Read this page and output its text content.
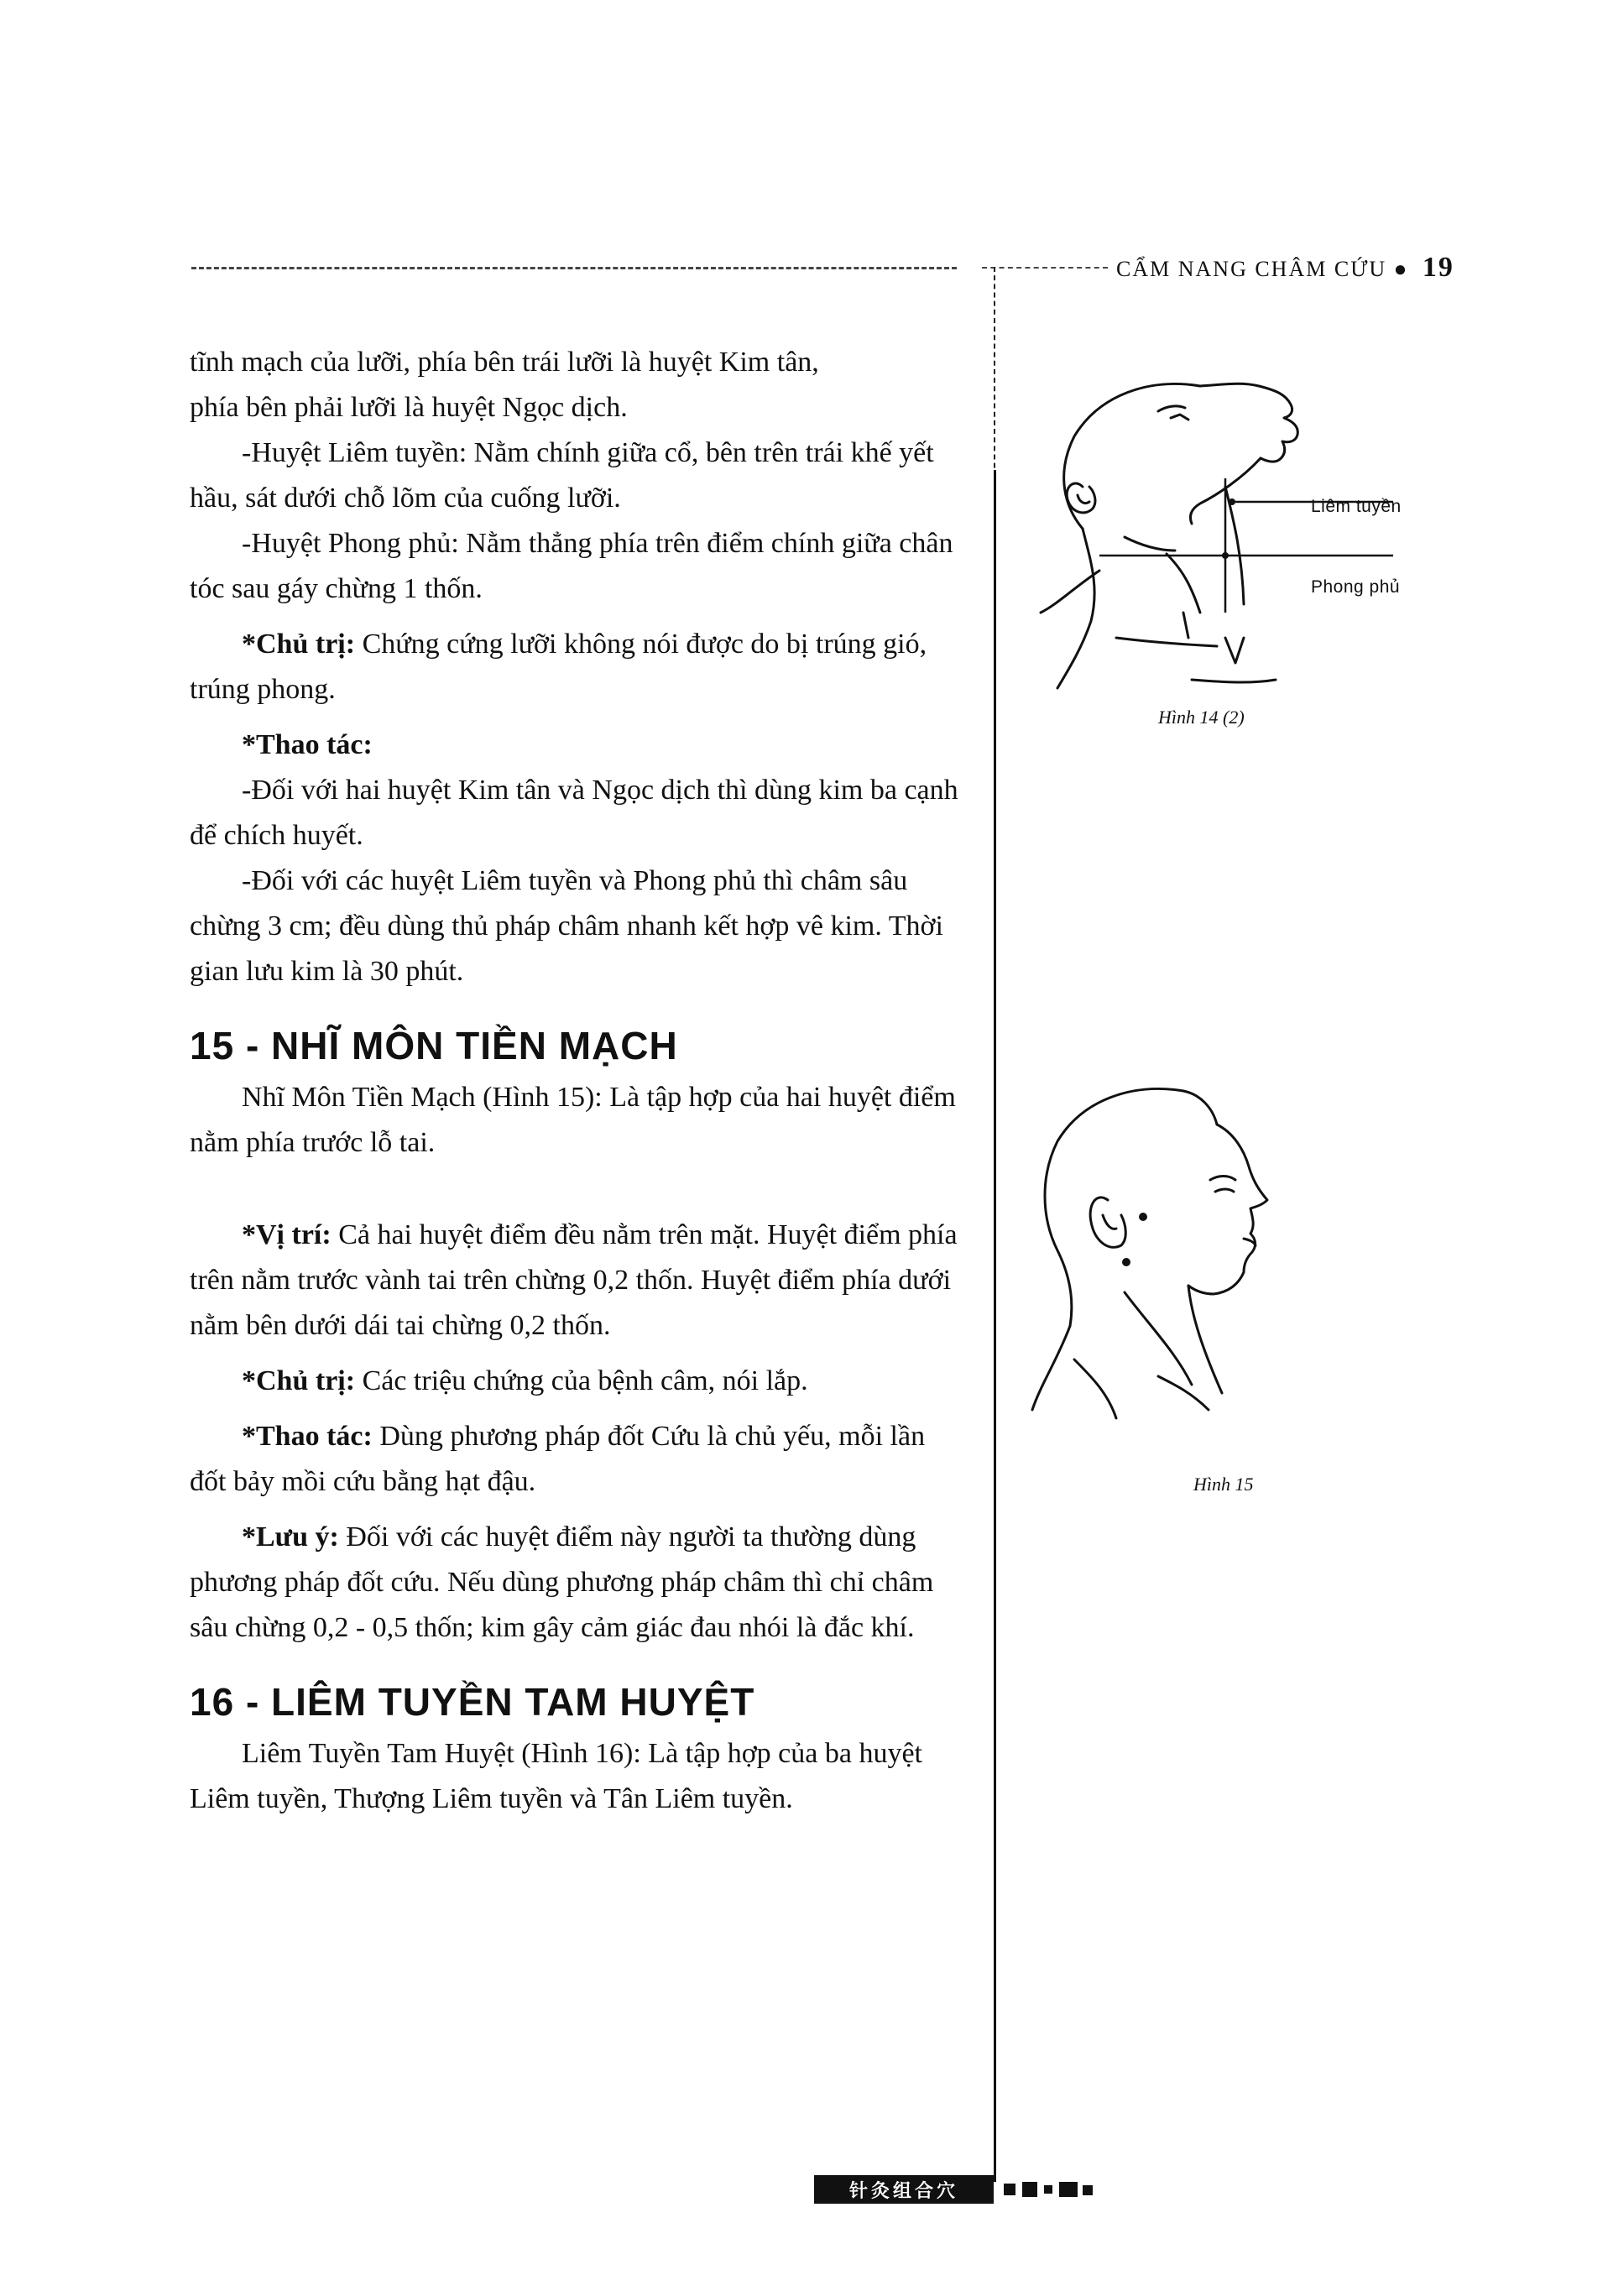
CẨM NANG CHÂM CỨU ● 19

tĩnh mạch của lưỡi, phía bên trái lưỡi là huyệt Kim tân,

phía bên phải lưỡi là huyệt Ngọc dịch.

-Huyệt Liêm tuyền: Nằm chính giữa cổ, bên trên trái khế yết hầu, sát dưới chỗ lõm của cuống lưỡi.

-Huyệt Phong phủ: Nằm thẳng phía trên điểm chính giữa chân tóc sau gáy chừng 1 thốn.

*Chủ trị: Chứng cứng lưỡi không nói được do bị trúng gió, trúng phong.

*Thao tác:

-Đối với hai huyệt Kim tân và Ngọc dịch thì dùng kim ba cạnh để chích huyết.

-Đối với các huyệt Liêm tuyền và Phong phủ thì châm sâu chừng 3 cm; đều dùng thủ pháp châm nhanh kết hợp vê kim. Thời gian lưu kim là 30 phút.

15 - NHĨ MÔN TIỀN MẠCH

Nhĩ Môn Tiền Mạch (Hình 15): Là tập hợp của hai huyệt điểm nằm phía trước lỗ tai.

*Vị trí: Cả hai huyệt điểm đều nằm trên mặt. Huyệt điểm phía trên nằm trước vành tai trên chừng 0,2 thốn. Huyệt điểm phía dưới nằm bên dưới dái tai chừng 0,2 thốn.

*Chủ trị: Các triệu chứng của bệnh câm, nói lắp.

*Thao tác: Dùng phương pháp đốt Cứu là chủ yếu, mỗi lần đốt bảy mồi cứu bằng hạt đậu.

*Lưu ý: Đối với các huyệt điểm này người ta thường dùng phương pháp đốt cứu. Nếu dùng phương pháp châm thì chỉ châm sâu chừng 0,2 - 0,5 thốn; kim gây cảm giác đau nhói là đắc khí.

16 - LIÊM TUYỀN TAM HUYỆT

Liêm Tuyền Tam Huyệt (Hình 16): Là tập hợp của ba huyệt Liêm tuyền, Thượng Liêm tuyền và Tân Liêm tuyền.

Liêm tuyền
Phong phủ
Hình 14 (2)
Hình 15
针灸组合穴
